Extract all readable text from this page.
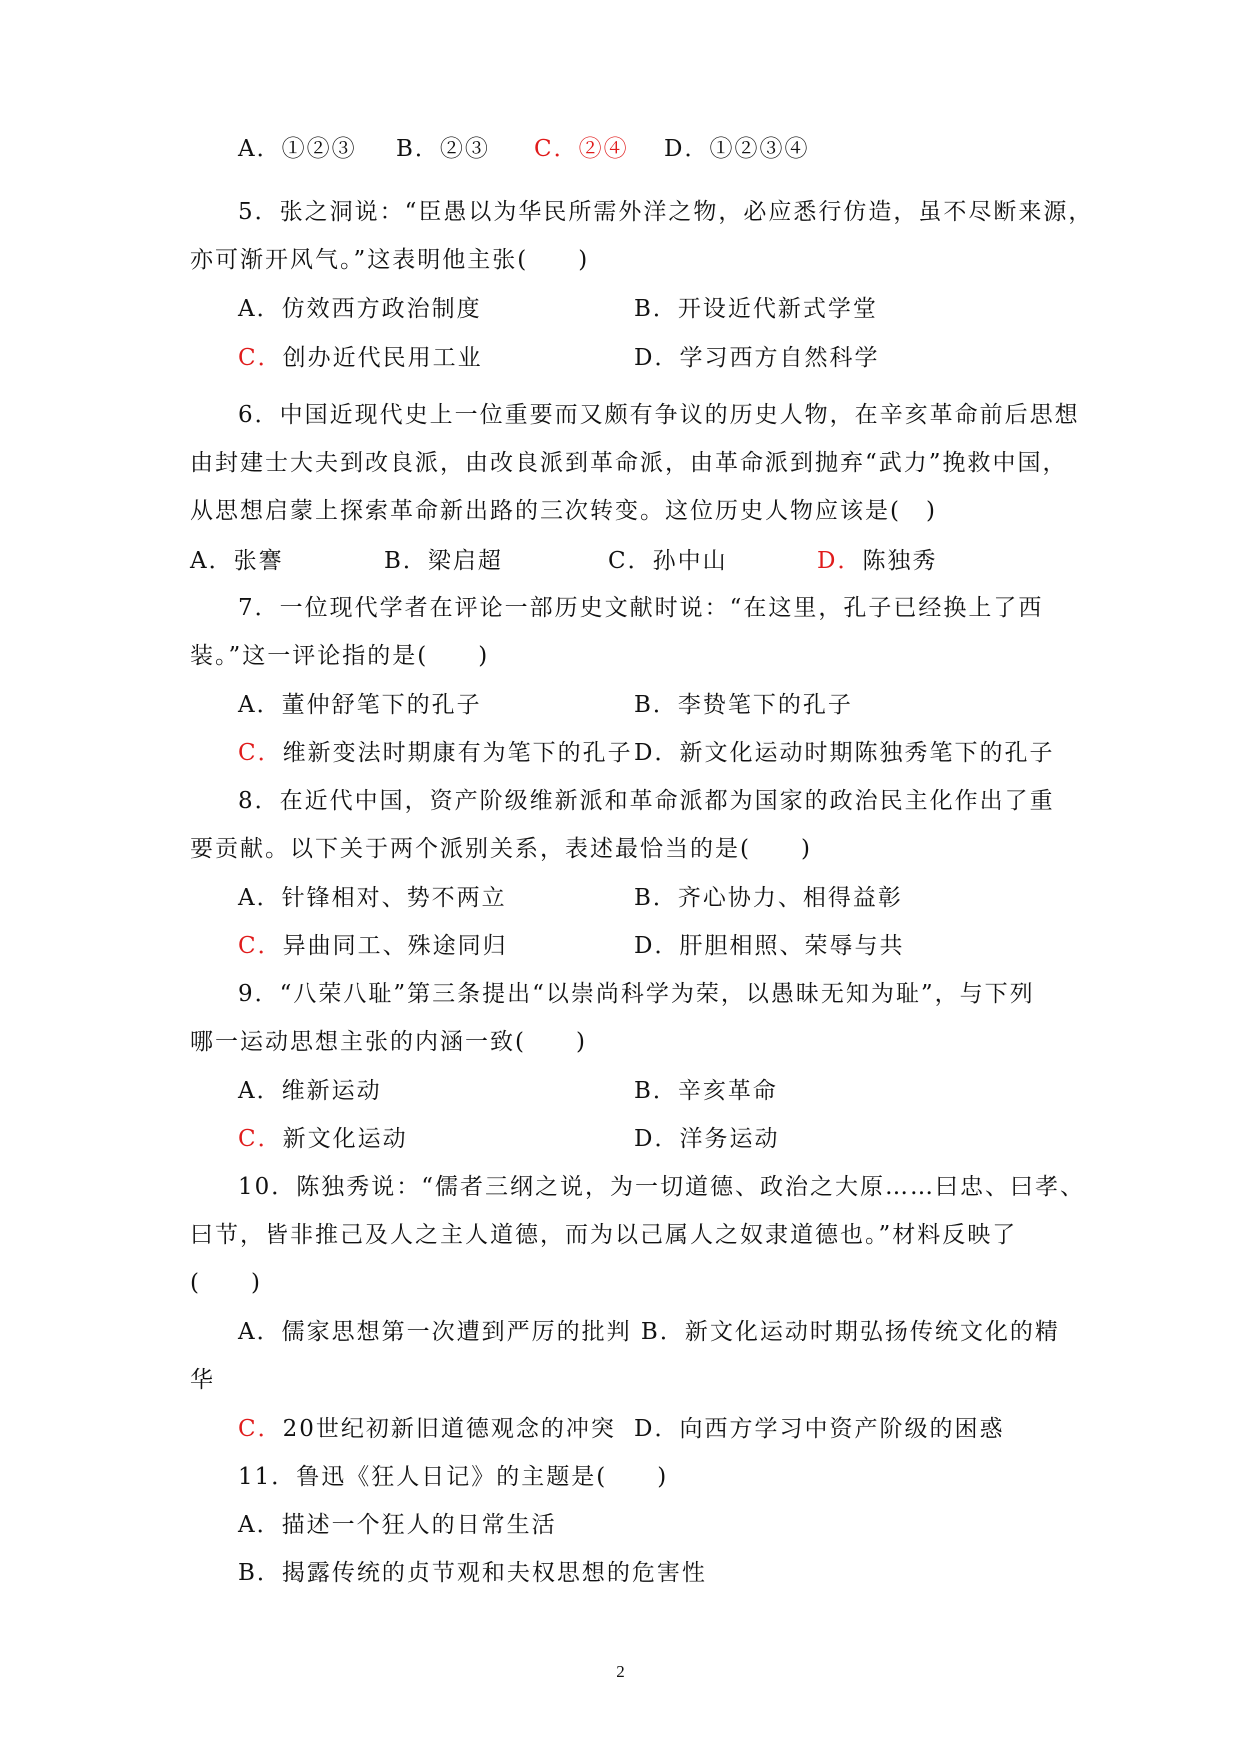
A．①②③ B．②③ C．②④ D．①②③④
5．张之洞说：“臣愚以为华民所需外洋之物，必应悉行仿造，虽不尽断来源，
亦可渐开风气。”这表明他主张(　　)
A．仿效西方政治制度	B．开设近代新式学堂
C．创办近代民用工业	D．学习西方自然科学
6．中国近现代史上一位重要而又颇有争议的历史人物，在辛亥革命前后思想
由封建士大夫到改良派，由改良派到革命派，由革命派到抛弃“武力”挽救中国，
从思想启蒙上探索革命新出路的三次转变。这位历史人物应该是(　)
A．张謇	B．梁启超	C．孙中山	D．陈独秀
7．一位现代学者在评论一部历史文献时说：“在这里，孔子已经换上了西
装。”这一评论指的是(　　)
A．董仲舒笔下的孔子	B．李贽笔下的孔子
C．维新变法时期康有为笔下的孔子 D．新文化运动时期陈独秀笔下的孔子
8．在近代中国，资产阶级维新派和革命派都为国家的政治民主化作出了重
要贡献。以下关于两个派别关系，表述最恰当的是(　　)
A．针锋相对、势不两立	B．齐心协力、相得益彰
C．异曲同工、殊途同归	D．肝胆相照、荣辱与共
9．“八荣八耻”第三条提出“以崇尚科学为荣，以愚昧无知为耻”，与下列
哪一运动思想主张的内涵一致(　　)
A．维新运动	B．辛亥革命
C．新文化运动	D．洋务运动
10．陈独秀说：“儒者三纲之说，为一切道德、政治之大原……曰忠、曰孝、
曰节，皆非推己及人之主人道德，而为以己属人之奴隶道德也。”材料反映了
(　　)
A．儒家思想第一次遭到严厉的批判 B．新文化运动时期弘扬传统文化的精
华
C．20世纪初新旧道德观念的冲突 D．向西方学习中资产阶级的困惑
11．鲁迅《狂人日记》的主题是(　　)
A．描述一个狂人的日常生活
B．揭露传统的贞节观和夫权思想的危害性
2
